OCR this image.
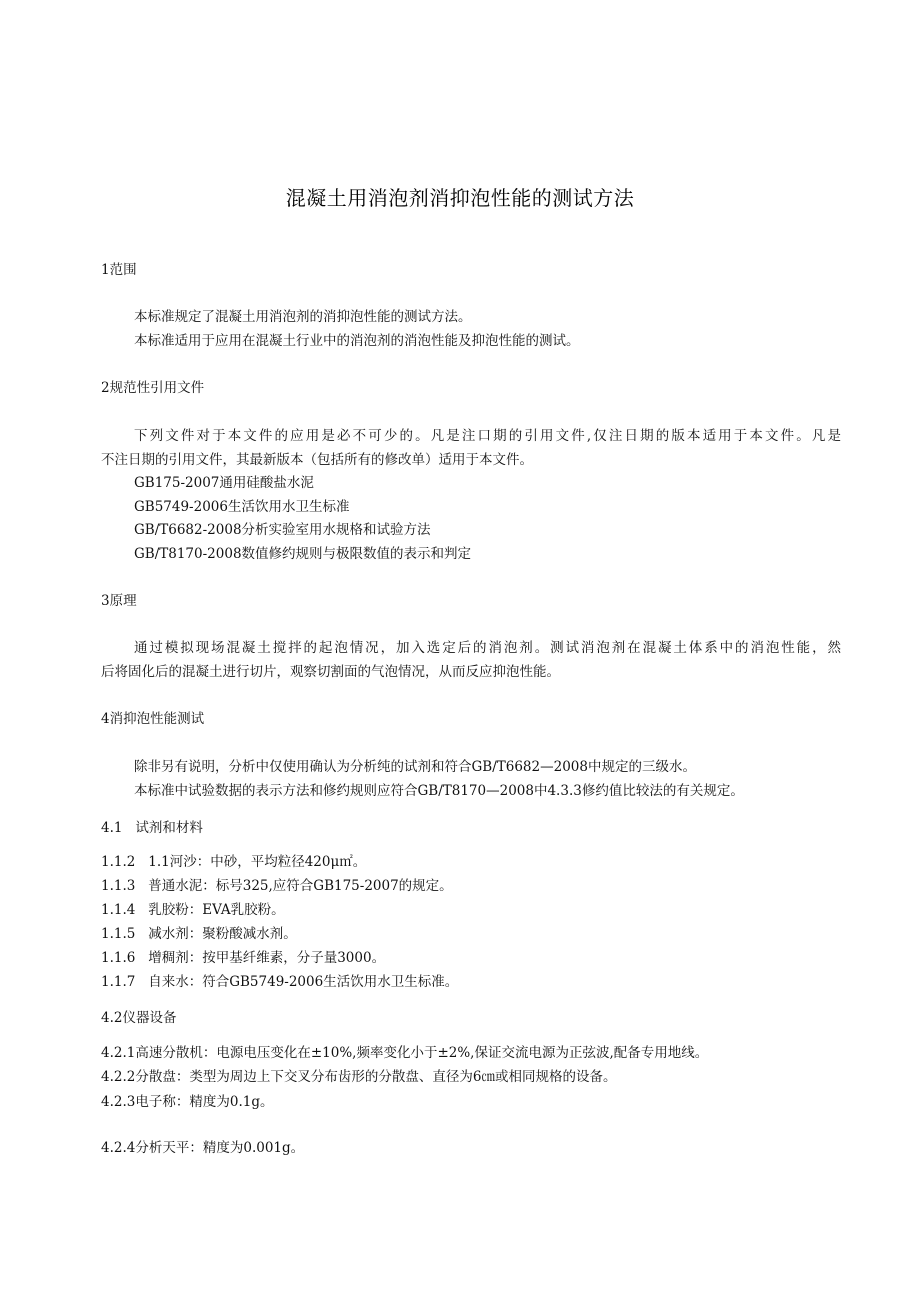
混凝土用消泡剂消抑泡性能的测试方法
1范围
本标准规定了混凝土用消泡剂的消抑泡性能的测试方法。
本标准适用于应用在混凝土行业中的消泡剂的消泡性能及抑泡性能的测试。
2规范性引用文件
下列文件对于本文件的应用是必不可少的。凡是注口期的引用文件,仅注日期的版本适用于本文件。凡是
不注日期的引用文件，其最新版本（包括所有的修改单）适用于本文件。
GB175-2007通用硅酸盐水泥
GB5749-2006生活饮用水卫生标准
GB/T6682-2008分析实验室用水规格和试验方法
GB/T8170-2008数值修约规则与极限数值的表示和判定
3原理
通过模拟现场混凝土搅拌的起泡情况，加入选定后的消泡剂。测试消泡剂在混凝土体系中的消泡性能，然
后将固化后的混凝土进行切片，观察切割面的气泡情况，从而反应抑泡性能。
4消抑泡性能测试
除非另有说明，分析中仅使用确认为分析纯的试剂和符合GB/T6682—2008中规定的三级水。
本标准中试验数据的表示方法和修约规则应符合GB/T8170—2008中4.3.3修约值比较法的有关规定。
4.1   试剂和材料
1.1.2   1.1河沙：中砂，平均粒径420μ㎡。
1.1.3   普通水泥：标号325,应符合GB175-2007的规定。
1.1.4   乳胶粉：EVA乳胶粉。
1.1.5   减水剂：聚粉酸减水剂。
1.1.6   增稠剂：按甲基纤维素，分子量3000。
1.1.7   自来水：符合GB5749-2006生活饮用水卫生标准。
4.2仪器设备
4.2.1高速分散机：电源电压变化在±10%,频率变化小于±2%,保证交流电源为正弦波,配备专用地线。
4.2.2分散盘：类型为周边上下交叉分布齿形的分散盘、直径为6㎝或相同规格的设备。
4.2.3电子称：精度为0.1g。
4.2.4分析天平：精度为0.001g。
